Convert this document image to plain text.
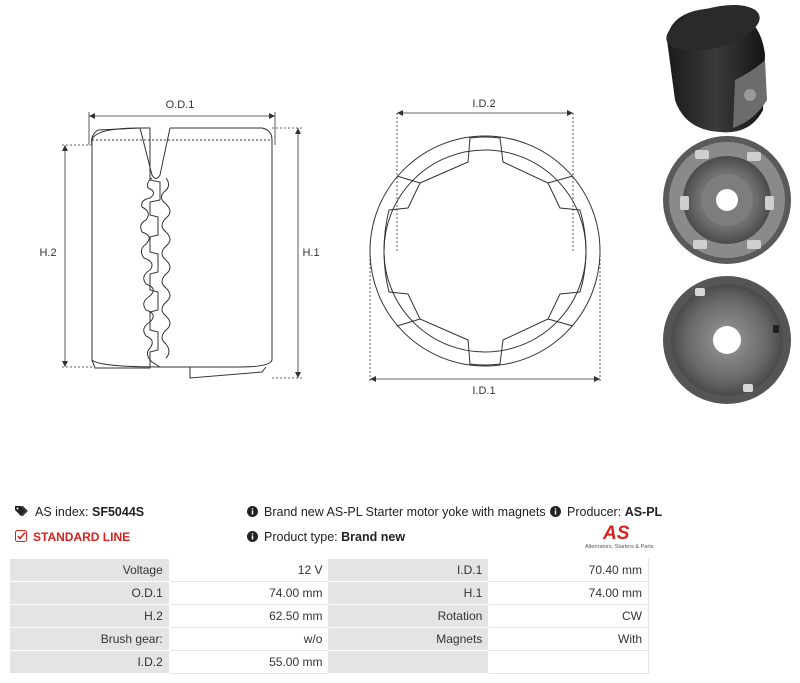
O.D.1
H.2	H.1
I.D.2
I.D.1
AS index: SF5044S
STANDARD LINE
Brand new AS-PL Starter motor yoke with magnets
Product type: Brand new
Producer: AS-PL
AS
Alternators, Starters & Parts
Voltage	12 V	I.D.1	70.40 mm
O.D.1	74.00 mm	H.1	74.00 mm
H.2	62.50 mm	Rotation	CW
Brush gear:	w/o	Magnets	With
I.D.2	55.00 mm		
